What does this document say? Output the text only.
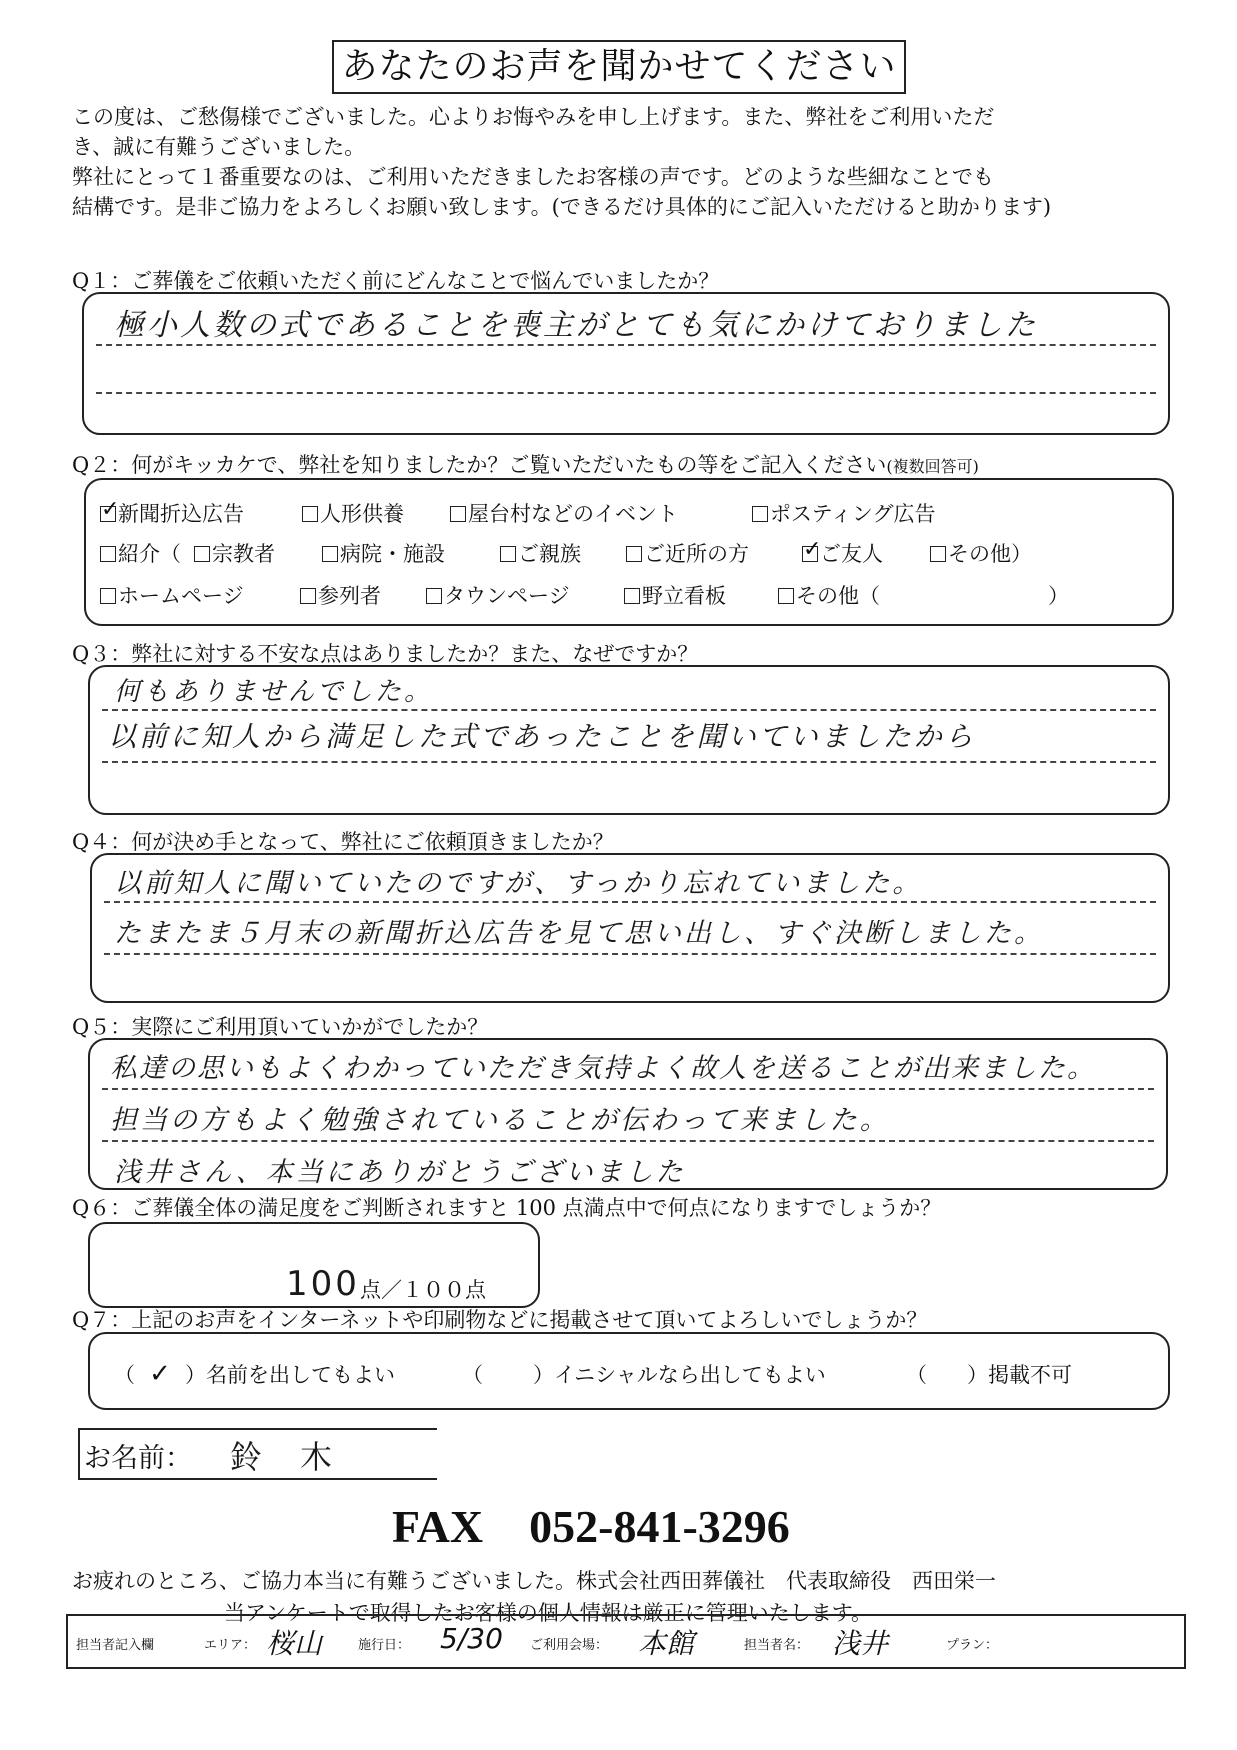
あなたのお声を聞かせてください
この度は、ご愁傷様でございました。心よりお悔やみを申し上げます。また、弊社をご利用いただ
き、誠に有難うございました。
弊社にとって１番重要なのは、ご利用いただきましたお客様の声です。どのような些細なことでも
結構です。是非ご協力をよろしくお願い致します。(できるだけ具体的にご記入いただけると助かります)
Q１：ご葬儀をご依頼いただく前にどんなことで悩んでいましたか？
極小人数の式であることを喪主がとても気にかけておりました
Q２：何がキッカケで、弊社を知りましたか？ご覧いただいたもの等をご記入ください(複数回答可)
✓新聞折込広告	人形供養	屋台村などのイベント	ポスティング広告
紹介（	宗教者	病院・施設	ご親族	ご近所の方
✓	ご友人	その他）
ホームページ	参列者	タウンページ	野立看板	その他（	）
Q３：弊社に対する不安な点はありましたか？また、なぜですか？
何もありませんでした。
以前に知人から満足した式であったことを聞いていましたから
Q４：何が決め手となって、弊社にご依頼頂きましたか？
以前知人に聞いていたのですが、すっかり忘れていました。
たまたま５月末の新聞折込広告を見て思い出し、すぐ決断しました。
Q５：実際にご利用頂いていかがでしたか？
私達の思いもよくわかっていただき気持よく故人を送ることが出来ました。
担当の方もよく勉強されていることが伝わって来ました。
浅井さん、本当にありがとうございました
Q６：ご葬儀全体の満足度をご判断されますと 100 点満点中で何点になりますでしょうか？
100 点／１００点
Q７：上記のお声をインターネットや印刷物などに掲載させて頂いてよろしいでしょうか？
（ ✓ ）名前を出してもよい	（ ）イニシャルなら出してもよい	（ ）掲載不可
お名前： 鈴　木
FAX　052-841-3296
お疲れのところ、ご協力本当に有難うございました。株式会社西田葬儀社　代表取締役　西田栄一
当アンケートで取得したお客様の個人情報は厳正に管理いたします。
担当者記入欄	エリア： 桜山	施行日： 5/30 ご利用会場： 本館	担当者名： 浅井	プラン：
